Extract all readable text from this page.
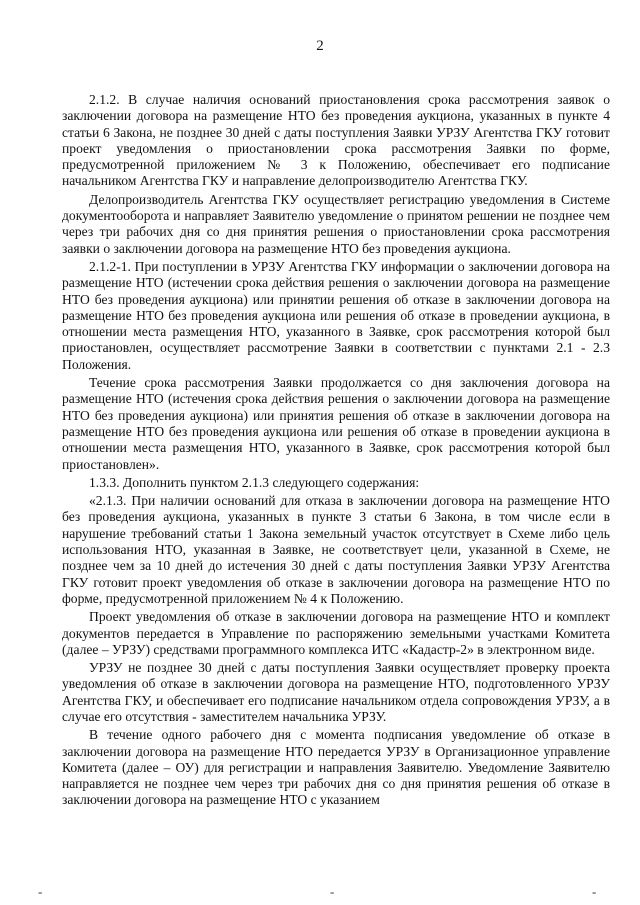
2

2.1.2. В случае наличия оснований приостановления срока рассмотрения заявок о заключении договора на размещение НТО без проведения аукциона, указанных в пункте 4 статьи 6 Закона, не позднее 30 дней с даты поступления Заявки УРЗУ Агентства ГКУ готовит проект уведомления о приостановлении срока рассмотрения Заявки по форме, предусмотренной приложением № 3 к Положению, обеспечивает его подписание начальником Агентства ГКУ и направление делопроизводителю Агентства ГКУ.

Делопроизводитель Агентства ГКУ осуществляет регистрацию уведомления в Системе документооборота и направляет Заявителю уведомление о принятом решении не позднее чем через три рабочих дня со дня принятия решения о приостановлении срока рассмотрения заявки о заключении договора на размещение НТО без проведения аукциона.

2.1.2-1. При поступлении в УРЗУ Агентства ГКУ информации о заключении договора на размещение НТО (истечении срока действия решения о заключении договора на размещение НТО без проведения аукциона) или принятии решения об отказе в заключении договора на размещение НТО без проведения аукциона или решения об отказе в проведении аукциона, в отношении места размещения НТО, указанного в Заявке, срок рассмотрения которой был приостановлен, осуществляет рассмотрение Заявки в соответствии с пунктами 2.1 - 2.3 Положения.

Течение срока рассмотрения Заявки продолжается со дня заключения договора на размещение НТО (истечения срока действия решения о заключении договора на размещение НТО без проведения аукциона) или принятия решения об отказе в заключении договора на размещение НТО без проведения аукциона или решения об отказе в проведении аукциона в отношении места размещения НТО, указанного в Заявке, срок рассмотрения которой был приостановлен».

1.3.3. Дополнить пунктом 2.1.3 следующего содержания:

«2.1.3. При наличии оснований для отказа в заключении договора на размещение НТО без проведения аукциона, указанных в пункте 3 статьи 6 Закона, в том числе если в нарушение требований статьи 1 Закона земельный участок отсутствует в Схеме либо цель использования НТО, указанная в Заявке, не соответствует цели, указанной в Схеме, не позднее чем за 10 дней до истечения 30 дней с даты поступления Заявки УРЗУ Агентства ГКУ готовит проект уведомления об отказе в заключении договора на размещение НТО по форме, предусмотренной приложением № 4 к Положению.

Проект уведомления об отказе в заключении договора на размещение НТО и комплект документов передается в Управление по распоряжению земельными участками Комитета (далее – УРЗУ) средствами программного комплекса ИТС «Кадастр-2» в электронном виде.

УРЗУ не позднее 30 дней с даты поступления Заявки осуществляет проверку проекта уведомления об отказе в заключении договора на размещение НТО, подготовленного УРЗУ Агентства ГКУ, и обеспечивает его подписание начальником отдела сопровождения УРЗУ, а в случае его отсутствия - заместителем начальника УРЗУ.

В течение одного рабочего дня с момента подписания уведомление об отказе в заключении договора на размещение НТО передается УРЗУ в Организационное управление Комитета (далее – ОУ) для регистрации и направления Заявителю. Уведомление Заявителю направляется не позднее чем через три рабочих дня со дня принятия решения об отказе в заключении договора на размещение НТО с указанием

-	-	-
